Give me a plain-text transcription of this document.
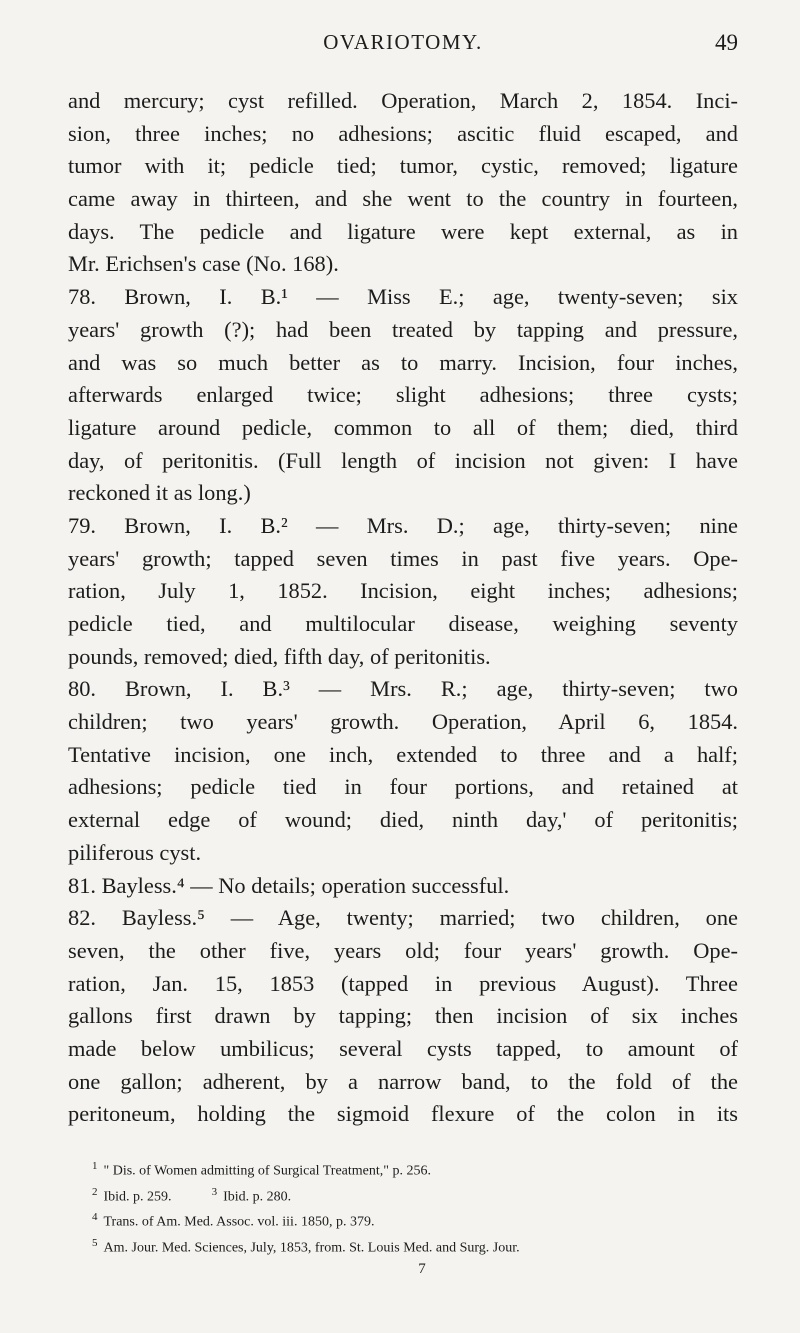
OVARIOTOMY.	49
and mercury; cyst refilled. Operation, March 2, 1854. Inci-
sion, three inches; no adhesions; ascitic fluid escaped, and
tumor with it; pedicle tied; tumor, cystic, removed; ligature
came away in thirteen, and she went to the country in fourteen,
days. The pedicle and ligature were kept external, as in
Mr. Erichsen's case (No. 168).
78. Brown, I. B.¹ — Miss E.; age, twenty-seven; six
years' growth (?); had been treated by tapping and pressure,
and was so much better as to marry. Incision, four inches,
afterwards enlarged twice; slight adhesions; three cysts;
ligature around pedicle, common to all of them; died, third
day, of peritonitis. (Full length of incision not given: I have
reckoned it as long.)
79. Brown, I. B.² — Mrs. D.; age, thirty-seven; nine
years' growth; tapped seven times in past five years. Ope-
ration, July 1, 1852. Incision, eight inches; adhesions;
pedicle tied, and multilocular disease, weighing seventy
pounds, removed; died, fifth day, of peritonitis.
80. Brown, I. B.³ — Mrs. R.; age, thirty-seven; two
children; two years' growth. Operation, April 6, 1854.
Tentative incision, one inch, extended to three and a half;
adhesions; pedicle tied in four portions, and retained at
external edge of wound; died, ninth day,' of peritonitis;
piliferous cyst.
81. Bayless.⁴ — No details; operation successful.
82. Bayless.⁵ — Age, twenty; married; two children, one
seven, the other five, years old; four years' growth. Ope-
ration, Jan. 15, 1853 (tapped in previous August). Three
gallons first drawn by tapping; then incision of six inches
made below umbilicus; several cysts tapped, to amount of
one gallon; adherent, by a narrow band, to the fold of the
peritoneum, holding the sigmoid flexure of the colon in its
$^1$ " Dis. of Women admitting of Surgical Treatment," p. 256.
$^2$ Ibid. p. 259.	$^3$ Ibid. p. 280.
$^4$ Trans. of Am. Med. Assoc. vol. iii. 1850, p. 379.
$^5$ Am. Jour. Med. Sciences, July, 1853, from. St. Louis Med. and Surg. Jour.
7
